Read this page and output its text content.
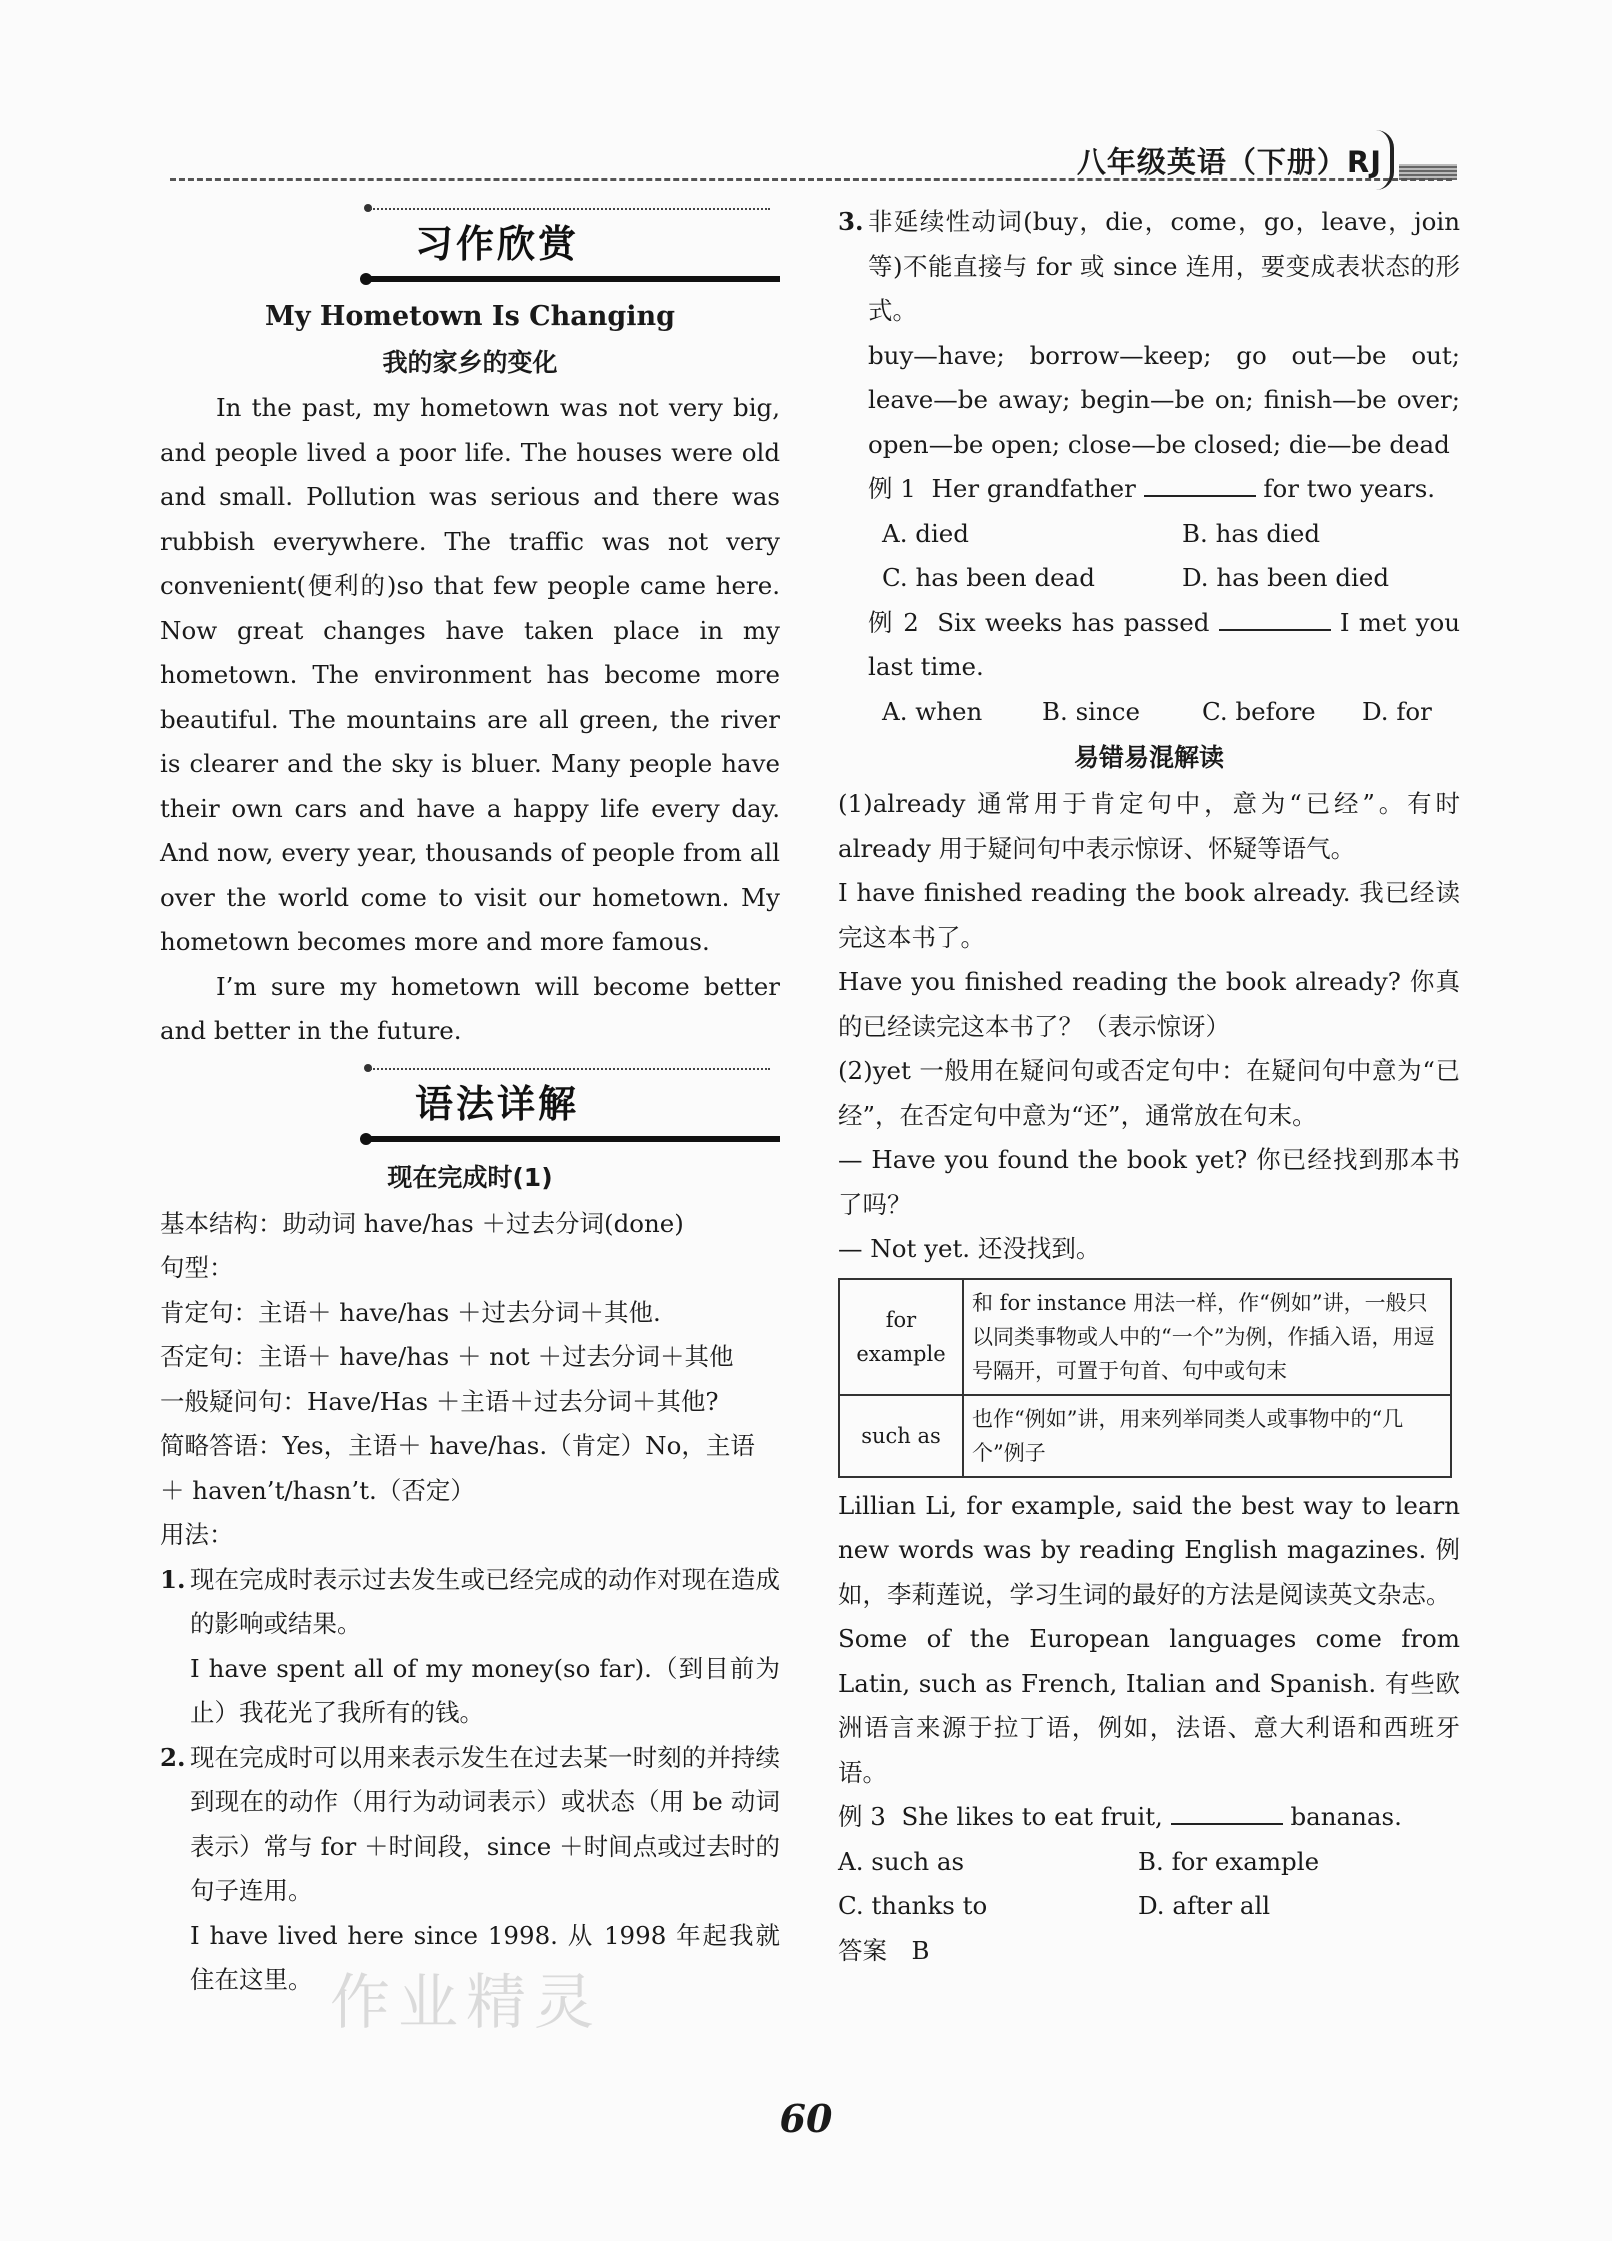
八年级英语（下册）RJ
习作欣赏
My Hometown Is Changing
我的家乡的变化
In the past, my hometown was not very big, and people lived a poor life. The houses were old and small. Pollution was serious and there was rubbish everywhere. The traffic was not very convenient(便利的)so that few people came here. Now great changes have taken place in my hometown. The environment has become more beautiful. The mountains are all green, the river is clearer and the sky is bluer. Many people have their own cars and have a happy life every day. And now, every year, thousands of people from all over the world come to visit our hometown. My hometown becomes more and more famous.
I’m sure my hometown will become better and better in the future.
语法详解
现在完成时(1)
基本结构：助动词 have/has ＋过去分词(done)
句型：
肯定句：主语＋ have/has ＋过去分词＋其他.
否定句：主语＋ have/has ＋ not ＋过去分词＋其他
一般疑问句：Have/Has ＋主语＋过去分词＋其他?
简略答语：Yes，主语＋ have/has.（肯定）No，主语 ＋ haven’t/hasn’t.（否定）
用法：
1. 现在完成时表示过去发生或已经完成的动作对现在造成的影响或结果。
I have spent all of my money(so far).（到目前为止）我花光了我所有的钱。
2. 现在完成时可以用来表示发生在过去某一时刻的并持续到现在的动作（用行为动词表示）或状态（用 be 动词表示）常与 for ＋时间段，since ＋时间点或过去时的句子连用。
I have lived here since 1998. 从 1998 年起我就住在这里。
3. 非延续性动词(buy，die，come，go，leave，join 等)不能直接与 for 或 since 连用，要变成表状态的形式。
buy—have; borrow—keep; go out—be out; leave—be away; begin—be on; finish—be over; open—be open; close—be closed; die—be dead
例 1 Her grandfather	for two years.
A. died	B. has died
C. has been dead	D. has been died
例 2 Six weeks has passed	I met you last time.
A. when	B. since	C. before	D. for
易错易混解读
(1)already 通常用于肯定句中，意为“已经”。有时 already 用于疑问句中表示惊讶、怀疑等语气。
I have finished reading the book already. 我已经读完这本书了。
Have you finished reading the book already? 你真的已经读完这本书了？（表示惊讶）
(2)yet 一般用在疑问句或否定句中：在疑问句中意为“已经”，在否定句中意为“还”，通常放在句末。
— Have you found the book yet? 你已经找到那本书了吗？
— Not yet. 还没找到。
for example	和 for instance 用法一样，作“例如”讲，一般只以同类事物或人中的“一个”为例，作插入语，用逗号隔开，可置于句首、句中或句末
such as	也作“例如”讲，用来列举同类人或事物中的“几个”例子
Lillian Li, for example, said the best way to learn new words was by reading English magazines. 例如，李莉莲说，学习生词的最好的方法是阅读英文杂志。
Some of the European languages come from Latin, such as French, Italian and Spanish. 有些欧洲语言来源于拉丁语，例如，法语、意大利语和西班牙语。
例 3 She likes to eat fruit,	bananas.
A. such as	B. for example
C. thanks to	D. after all
答案　B
作业精灵
60
